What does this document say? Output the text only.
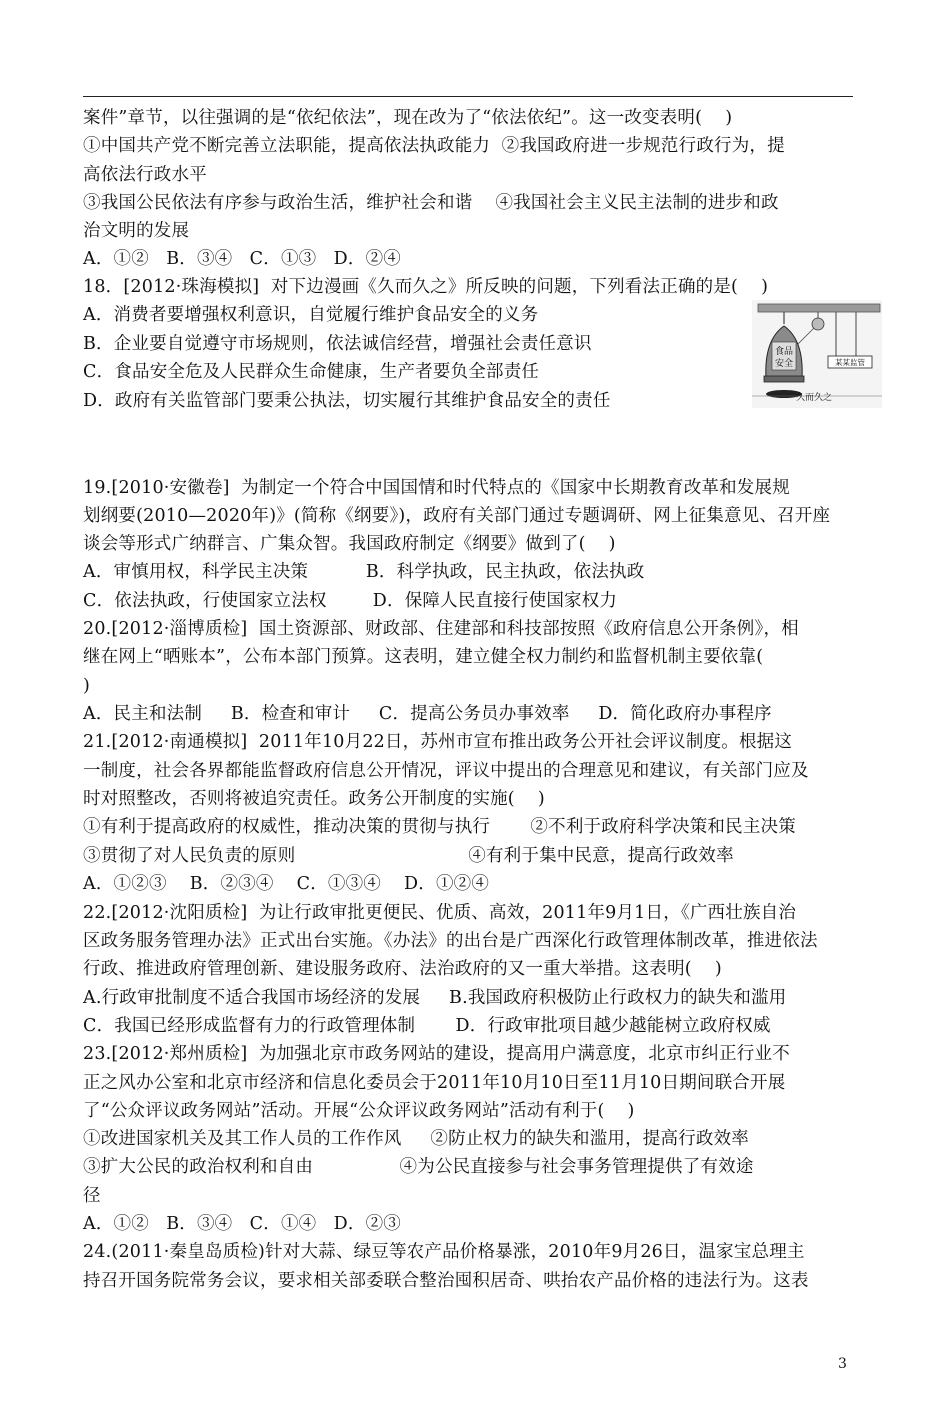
案件”章节，以往强调的是“依纪依法”，现在改为了“依法依纪”。这一改变表明(    )
①中国共产党不断完善立法职能，提高依法执政能力  ②我国政府进一步规范行政行为，提
高依法行政水平
③我国公民依法有序参与政治生活，维护社会和谐    ④我国社会主义民主法制的进步和政
治文明的发展
A．①②   B．③④   C．①③   D．②④
18．[2012·珠海模拟]  对下边漫画《久而久之》所反映的问题，下列看法正确的是(    )
A．消费者要增强权利意识，自觉履行维护食品安全的义务
B．企业要自觉遵守市场规则，依法诚信经营，增强社会责任意识
C．食品安全危及人民群众生命健康，生产者要负全部责任
D．政府有关监管部门要秉公执法，切实履行其维护食品安全的责任
19.[2010·安徽卷]  为制定一个符合中国国情和时代特点的《国家中长期教育改革和发展规
划纲要(2010—2020年)》(简称《纲要》)，政府有关部门通过专题调研、网上征集意见、召开座
谈会等形式广纳群言、广集众智。我国政府制定《纲要》做到了(    )
A．审慎用权，科学民主决策          B．科学执政，民主执政，依法执政
C．依法执政，行使国家立法权        D．保障人民直接行使国家权力
20.[2012·淄博质检]  国土资源部、财政部、住建部和科技部按照《政府信息公开条例》，相
继在网上“晒账本”，公布本部门预算。这表明，建立健全权力制约和监督机制主要依靠(
)
A．民主和法制     B．检查和审计     C．提高公务员办事效率     D．简化政府办事程序
21.[2012·南通模拟]  2011年10月22日，苏州市宣布推出政务公开社会评议制度。根据这
一制度，社会各界都能监督政府信息公开情况，评议中提出的合理意见和建议，有关部门应及
时对照整改，否则将被追究责任。政务公开制度的实施(    )
①有利于提高政府的权威性，推动决策的贯彻与执行       ②不利于政府科学决策和民主决策
③贯彻了对人民负责的原则                              ④有利于集中民意，提高行政效率
A．①②③    B．②③④    C．①③④    D．①②④
22.[2012·沈阳质检]  为让行政审批更便民、优质、高效，2011年9月1日，《广西壮族自治
区政务服务管理办法》正式出台实施。《办法》的出台是广西深化行政管理体制改革，推进依法
行政、推进政府管理创新、建设服务政府、法治政府的又一重大举措。这表明(    )
A.行政审批制度不适合我国市场经济的发展     B.我国政府积极防止行政权力的缺失和滥用
C．我国已经形成监督有力的行政管理体制       D．行政审批项目越少越能树立政府权威
23.[2012·郑州质检]  为加强北京市政务网站的建设，提高用户满意度，北京市纠正行业不
正之风办公室和北京市经济和信息化委员会于2011年10月10日至11月10日期间联合开展
了“公众评议政务网站”活动。开展“公众评议政务网站”活动有利于(    )
①改进国家机关及其工作人员的工作作风     ②防止权力的缺失和滥用，提高行政效率
③扩大公民的政治权利和自由               ④为公民直接参与社会事务管理提供了有效途
径
A．①②   B．③④   C．①④   D．②③
24.(2011·秦皇岛质检)针对大蒜、绿豆等农产品价格暴涨，2010年9月26日，温家宝总理主
持召开国务院常务会议，要求相关部委联合整治囤积居奇、哄抬农产品价格的违法行为。这表
食品
安全	某某监管
久而久之
3
